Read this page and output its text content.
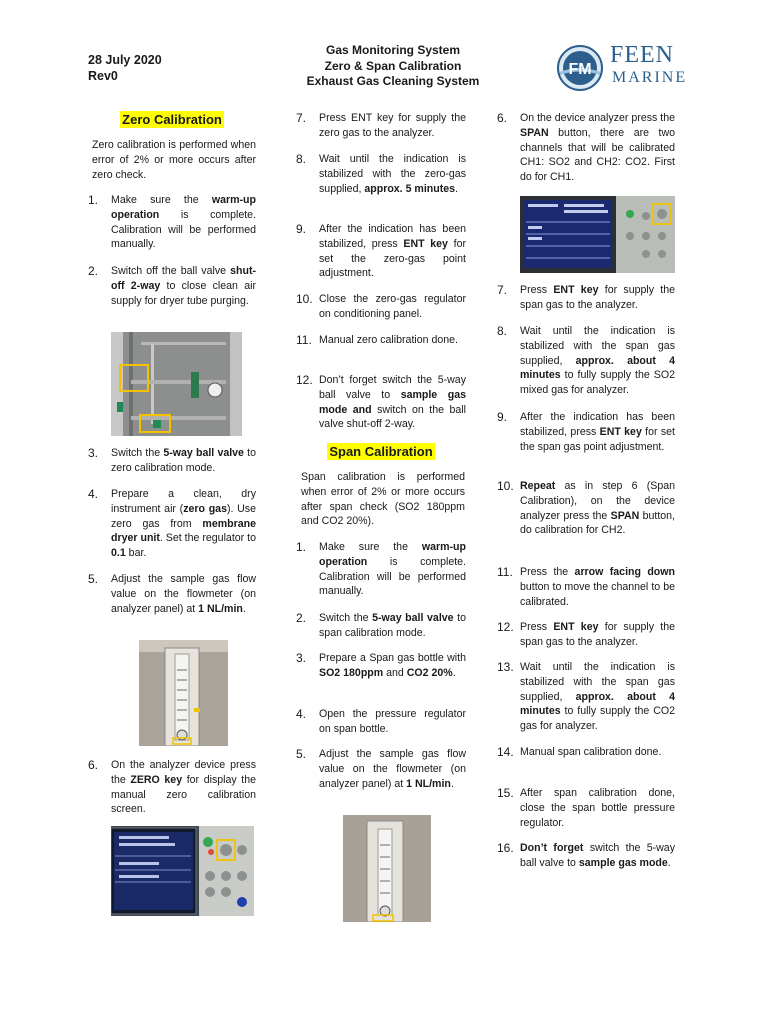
28 July 2020
Rev0
Gas Monitoring System
Zero & Span Calibration
Exhaust Gas Cleaning System
FM
FEEN
MARINE
Zero Calibration

Zero calibration is performed when error of 2% or more occurs after zero check.

1.	Make sure the warm-up operation is complete. Calibration will be performed manually.
2.	Switch off the ball valve shut-off 2-way to close clean air supply for dryer tube purging.
3.	Switch the 5-way ball valve to zero calibration mode.
4.	Prepare a clean, dry instrument air (zero gas). Use zero gas from membrane dryer unit. Set the regulator to 0.1 bar.
5.	Adjust the sample gas flow value on the flowmeter (on analyzer panel) at 1 NL/min.
6.	On the analyzer device press the ZERO key for display the manual zero calibration screen.
7.	Press ENT key for supply the zero gas to the analyzer.
8.	Wait until the indication is stabilized with the zero-gas supplied, approx. 5 minutes.
9.	After the indication has been stabilized, press ENT key for set the zero-gas point adjustment.
10. Close the zero-gas regulator on conditioning panel.
11. Manual zero calibration done.
12. Don’t forget switch the 5-way ball valve to sample gas mode and switch on the ball valve shut-off 2-way.
Span Calibration

Span calibration is performed when error of 2% or more occurs after span check (SO2 180ppm and CO2 20%).

1.	Make sure the warm-up operation is complete. Calibration will be performed manually.
2.	Switch the 5-way ball valve to span calibration mode.
3.	Prepare a Span gas bottle with SO2 180ppm and CO2 20%.
4.	Open the pressure regulator on span bottle.
5.	Adjust the sample gas flow value on the flowmeter (on analyzer panel) at 1 NL/min.
6.	On the device analyzer press the SPAN button, there are two channels that will be calibrated CH1: SO2 and CH2: CO2. First do for CH1.
7.	Press ENT key for supply the span gas to the analyzer.
8.	Wait until the indication is stabilized with the span gas supplied, approx. about 4 minutes to fully supply the SO2 mixed gas for analyzer.
9.	After the indication has been stabilized, press ENT key for set the span gas point adjustment.
10. Repeat as in step 6 (Span Calibration), on the device analyzer press the SPAN button, do calibration for CH2.
11. Press the arrow facing down button to move the channel to be calibrated.
12. Press ENT key for supply the span gas to the analyzer.
13. Wait until the indication is stabilized with the span gas supplied, approx. about 4 minutes to fully supply the CO2 gas for analyzer.
14. Manual span calibration done.
15. After span calibration done, close the span bottle pressure regulator.
16. Don’t forget switch the 5-way ball valve to sample gas mode.
